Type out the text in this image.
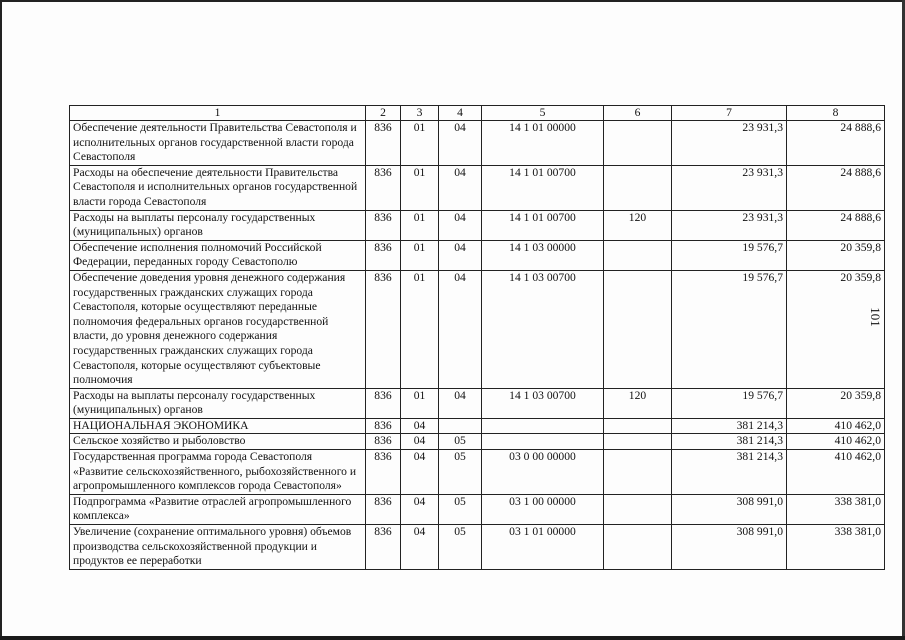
101
1	2	3	4	5	6	7	8
Обеспечение деятельности Правительства Севастополя и исполнительных органов государственной власти города Севастополя	836	01	04	14 1 01 00000		23 931,3	24 888,6
Расходы на обеспечение деятельности Правительства Севастополя и исполнительных органов государственной власти города Севастополя	836	01	04	14 1 01 00700		23 931,3	24 888,6
Расходы на выплаты персоналу государственных (муниципальных) органов	836	01	04	14 1 01 00700	120	23 931,3	24 888,6
Обеспечение исполнения полномочий Российской Федерации, переданных городу Севастополю	836	01	04	14 1 03 00000		19 576,7	20 359,8
Обеспечение доведения уровня денежного содержания государственных гражданских служащих города Севастополя, которые осуществляют переданные полномочия федеральных органов государственной власти, до уровня денежного содержания государственных гражданских служащих города Севастополя, которые осуществляют субъектовые полномочия	836	01	04	14 1 03 00700		19 576,7	20 359,8
Расходы на выплаты персоналу государственных (муниципальных) органов	836	01	04	14 1 03 00700	120	19 576,7	20 359,8
НАЦИОНАЛЬНАЯ ЭКОНОМИКА	836	04				381 214,3	410 462,0
Сельское хозяйство и рыболовство	836	04	05			381 214,3	410 462,0
Государственная программа города Севастополя «Развитие сельскохозяйственного, рыбохозяйственного и агропромышленного комплексов города Севастополя»	836	04	05	03 0 00 00000		381 214,3	410 462,0
Подпрограмма «Развитие отраслей агропромышленного комплекса»	836	04	05	03 1 00 00000		308 991,0	338 381,0
Увеличение (сохранение оптимального уровня) объемов производства сельскохозяйственной продукции и продуктов ее переработки	836	04	05	03 1 01 00000		308 991,0	338 381,0
